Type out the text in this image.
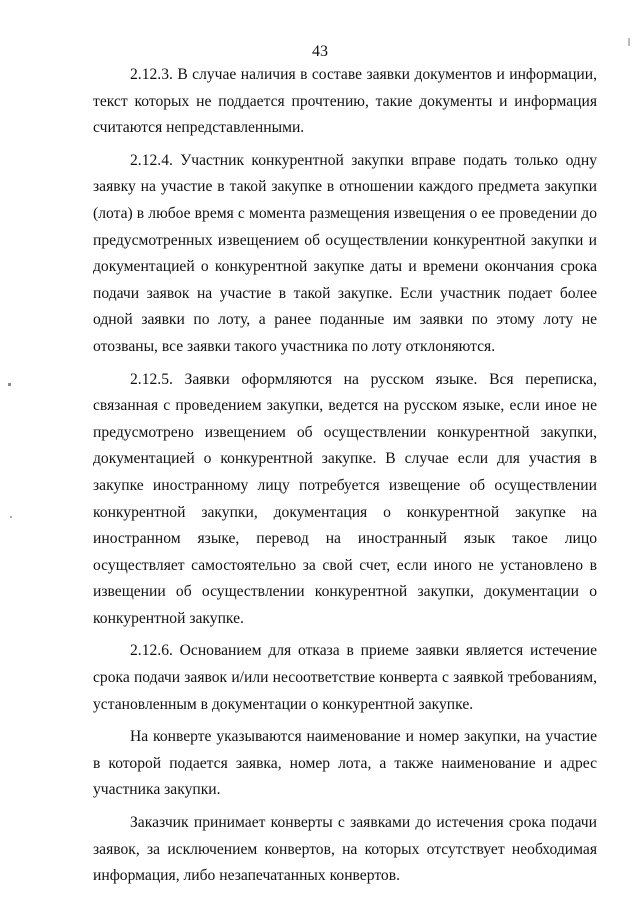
43

2.12.3. В случае наличия в составе заявки документов и информации, текст которых не поддается прочтению, такие документы и информация считаются непредставленными.

2.12.4. Участник конкурентной закупки вправе подать только одну заявку на участие в такой закупке в отношении каждого предмета закупки (лота) в любое время с момента размещения извещения о ее проведении до предусмотренных извещением об осуществлении конкурентной закупки и документацией о конкурентной закупке даты и времени окончания срока подачи заявок на участие в такой закупке. Если участник подает более одной заявки по лоту, а ранее поданные им заявки по этому лоту не отозваны, все заявки такого участника по лоту отклоняются.

2.12.5. Заявки оформляются на русском языке. Вся переписка, связанная с проведением закупки, ведется на русском языке, если иное не предусмотрено извещением об осуществлении конкурентной закупки, документацией о конкурентной закупке. В случае если для участия в закупке иностранному лицу потребуется извещение об осуществлении конкурентной закупки, документация о конкурентной закупке на иностранном языке, перевод на иностранный язык такое лицо осуществляет самостоятельно за свой счет, если иного не установлено в извещении об осуществлении конкурентной закупки, документации о конкурентной закупке.

2.12.6. Основанием для отказа в приеме заявки является истечение срока подачи заявок и/или несоответствие конверта с заявкой требованиям, установленным в документации о конкурентной закупке.

На конверте указываются наименование и номер закупки, на участие в которой подается заявка, номер лота, а также наименование и адрес участника закупки.

Заказчик принимает конверты с заявками до истечения срока подачи заявок, за исключением конвертов, на которых отсутствует необходимая информация, либо незапечатанных конвертов.
